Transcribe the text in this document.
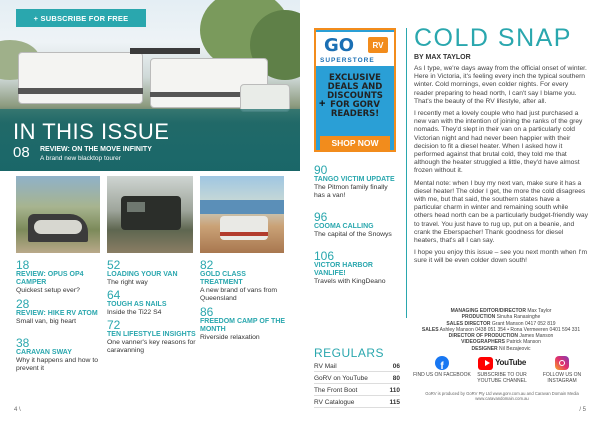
+ SUBSCRIBE FOR FREE
IN THIS ISSUE
08 REVIEW: ON THE MOVE INFINITY
A brand new blacktop tourer
18
REVIEW: OPUS OP4 CAMPER
Quickest setup ever?
28
REVIEW: HIKE RV ATOM
Small van, big heart
38
CARAVAN SWAY
Why it happens and how to prevent it
52
LOADING YOUR VAN
The right way
64
TOUGH AS NAILS
Inside the Ti22 S4
72
TEN LIFESTYLE INSIGHTS
One vanner's key reasons for caravanning
82
GOLD CLASS TREATMENT
A new brand of vans from Queensland
86
FREEDOM CAMP OF THE MONTH
Riverside relaxation
4 \
GO	RV
SUPERSTORE
EXCLUSIVE DEALS AND DISCOUNTS FOR GORV READERS!
+
SHOP NOW
90
TANGO VICTIM UPDATE
The Pitmon family finally has a van!
96
COOMA CALLING
The capital of the Snowys
106
VICTOR HARBOR VANLIFE!
Travels with KingDeano
COLD SNAP
BY MAX TAYLOR

As I type, we're days away from the official onset of winter. Here in Victoria, it's feeling every inch the typical southern winter. Cold mornings, even colder nights. For every reader preparing to head north, I can't say I blame you. That's the beauty of the RV lifestyle, after all.

I recently met a lovely couple who had just purchased a new van with the intention of joining the ranks of the grey nomads. They'd slept in their van on a particularly cold Victorian night and had never been happier with their decision to fit a diesel heater. When I asked how it performed against that brutal cold, they told me that although the heater struggled a little, they'd have almost frozen without it.

Mental note: when I buy my next van, make sure it has a diesel heater! The older I get, the more the cold disagrees with me, but that said, the southern states have a particular charm in winter and remaining south while others head north can be a particularly budget-friendly way to travel. You just have to rug up, put on a beanie, and crank the Eberspacher! Thank goodness for diesel heaters, that's all I can say.

I hope you enjoy this issue – see you next month when I'm sure it will be even colder down south!

REGULARS
RV Mail	06
GoRV on YouTube	80
The Front Boot	110
RV Catalogue	115
MANAGING EDITOR/DIRECTOR Max Taylor
PRODUCTION Sinuha Ranasinghe
SALES DIRECTOR Grant Manson 0417 052 819
SALES Ashley Manson 0438 051 354 • Rona Vermeeren 0401 594 331
DIRECTOR OF PRODUCTION James Manson
VIDEOGRAPHERS Patrick Manson
DESIGNER Nil Bezajeovic
f
FIND US ON FACEBOOK
YouTube
SUBSCRIBE TO OUR YOUTUBE CHANNEL
FOLLOW US ON INSTAGRAM
GoRV is produced by GoRV Pty Ltd www.gorv.com.au and Caravan Domain Media www.caravandomain.com.au
/ 5
